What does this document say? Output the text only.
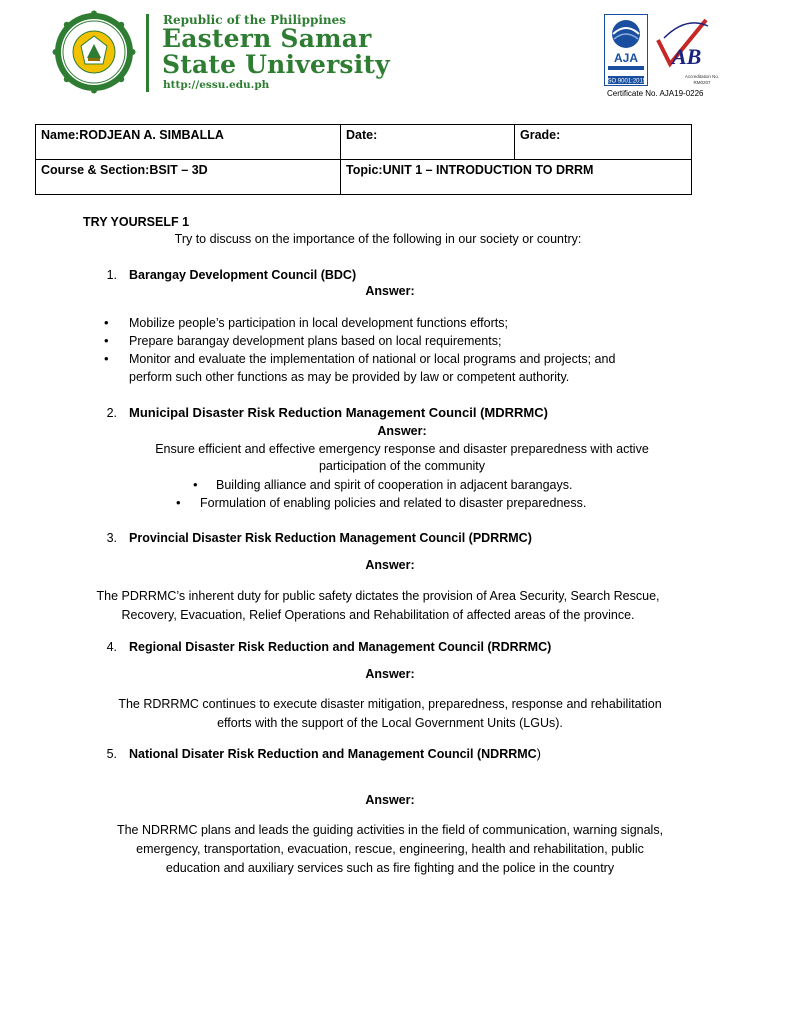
Republic of the Philippines
Eastern Samar
State University
http://essu.edu.ph
AJA
ISO 9001:2015
AB
Accreditation No.
RM0207
Certificate No. AJA19-0226
Name:RODJEAN A. SIMBALLA	Date:	Grade:
Course & Section:BSIT – 3D	Topic:UNIT 1 – INTRODUCTION TO DRRM	
TRY YOURSELF 1
Try to discuss on the importance of the following in our society or country:
1. Barangay Development Council (BDC)
Answer:
• Mobilize people’s participation in local development functions efforts;
• Prepare barangay development plans based on local requirements;
• Monitor and evaluate the implementation of national or local programs and projects; and
perform such other functions as may be provided by law or competent authority.
2. Municipal Disaster Risk Reduction Management Council (MDRRMC)
Answer:
Ensure efficient and effective emergency response and disaster preparedness with active
participation of the community
• Building alliance and spirit of cooperation in adjacent barangays.
• Formulation of enabling policies and related to disaster preparedness.
3. Provincial Disaster Risk Reduction Management Council (PDRRMC)
Answer:
The PDRRMC’s inherent duty for public safety dictates the provision of Area Security, Search Rescue,
Recovery, Evacuation, Relief Operations and Rehabilitation of affected areas of the province.
4. Regional Disaster Risk Reduction and Management Council (RDRRMC)
Answer:
The RDRRMC continues to execute disaster mitigation, preparedness, response and rehabilitation
efforts with the support of the Local Government Units (LGUs).
5. National Disater Risk Reduction and Management Council (NDRRMC)
Answer:
The NDRRMC plans and leads the guiding activities in the field of communication, warning signals,
emergency, transportation, evacuation, rescue, engineering, health and rehabilitation, public
education and auxiliary services such as fire fighting and the police in the country
